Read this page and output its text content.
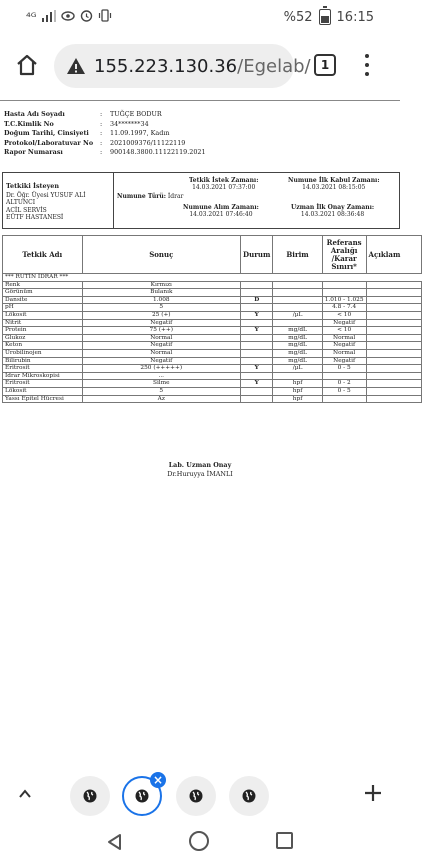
⁴ᴳ	%52 16:15
155.223.130.36/Egelab/ 1
Hasta Adı Soyadı	:	TUĞÇE BODUR
T.C.Kimlik No	:	34*******34
Doğum Tarihi, Cinsiyeti	:	11.09.1997, Kadın
Protokol/Laboratuvar No	:	2021009376/11122119
Rapor Numarası	:	900148.3800.11122119.2021
Tetkiki İsteyen
Dr. Öğr. Üyesi YUSUF ALİ
ALTUNCI
ACİL SERVİS
EÜTF HASTANESİ
Tetkik İstek Zamanı:
14.03.2021 07:37:00
Numune İlk Kabul Zamanı:
14.03.2021 08:15:05
Numune Türü: İdrar
Numune Alım Zamanı:
14.03.2021 07:46:40
Uzman İlk Onay Zamanı:
14.03.2021 08:36:48
Tetkik Adı	Sonuç	Durum	Birim	Referans Aralığı /Karar Sınırı*	Açıklam
*** RUTİN İDRAR ***					
Renk	Kırmızı				
Görünüm	Bulanık				
Dansite	1.008	D		1.010 - 1.025	
pH	5			4.8 - 7.4	
Lökosit	25 (+)	Y	/µL	< 10	
Nitrit	Negatif			Negatif	
Protein	75 (++)	Y	mg/dL	< 10	
Glukoz	Normal		mg/dL	Normal	
Keton	Negatif		mg/dL	Negatif	
Ürobilinojen	Normal		mg/dL	Normal	
Bilirubin	Negatif		mg/dL	Negatif	
Eritrosit	250 (+++++)	Y	/µL	0 - 5	
İdrar Mikroskopisi	...				
Eritrosit	Silme	Y	hpf	0 - 2	
Lökosit	5		hpf	0 - 5	
Yassı Epitel Hücresi	Az		hpf		
Lab. Uzman Onay
Dr.Huruyya İMANLI
×
